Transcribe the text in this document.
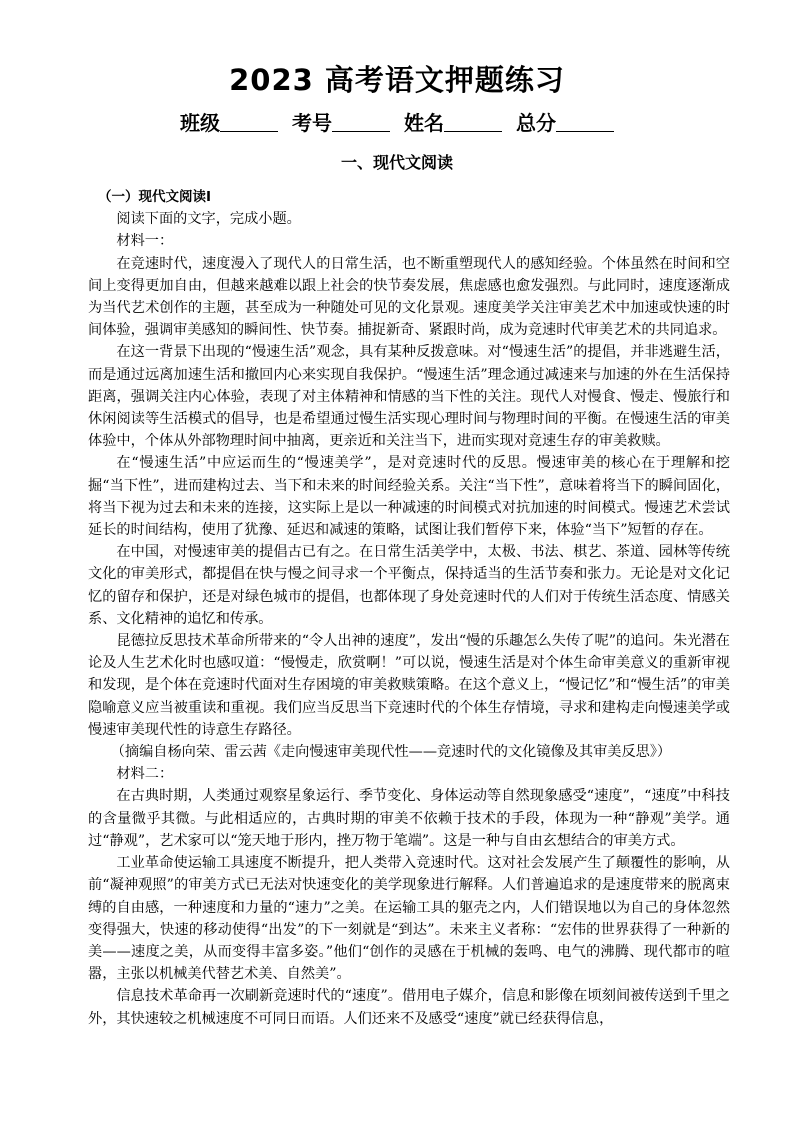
2023 高考语文押题练习
班级	考号	姓名	总分
一、现代文阅读

（一）现代文阅读Ⅰ

阅读下面的文字，完成小题。

材料一：

在竞速时代，速度漫入了现代人的日常生活，也不断重塑现代人的感知经验。个体虽然在时间和空间上变得更加自由，但越来越难以跟上社会的快节奏发展，焦虑感也愈发强烈。与此同时，速度逐渐成为当代艺术创作的主题，甚至成为一种随处可见的文化景观。速度美学关注审美艺术中加速或快速的时间体验，强调审美感知的瞬间性、快节奏。捕捉新奇、紧跟时尚，成为竞速时代审美艺术的共同追求。

在这一背景下出现的“慢速生活”观念，具有某种反拨意味。对“慢速生活”的提倡，并非逃避生活，而是通过远离加速生活和撤回内心来实现自我保护。“慢速生活”理念通过减速来与加速的外在生活保持距离，强调关注内心体验，表现了对主体精神和情感的当下性的关注。现代人对慢食、慢走、慢旅行和休闲阅读等生活模式的倡导，也是希望通过慢生活实现心理时间与物理时间的平衡。在慢速生活的审美体验中，个体从外部物理时间中抽离，更亲近和关注当下，进而实现对竞速生存的审美救赎。

在“慢速生活”中应运而生的“慢速美学”，是对竞速时代的反思。慢速审美的核心在于理解和挖掘“当下性”，进而建构过去、当下和未来的时间经验关系。关注“当下性”，意味着将当下的瞬间固化，将当下视为过去和未来的连接，这实际上是以一种减速的时间模式对抗加速的时间模式。慢速艺术尝试延长的时间结构，使用了犹豫、延迟和减速的策略，试图让我们暂停下来，体验“当下”短暂的存在。

在中国，对慢速审美的提倡古已有之。在日常生活美学中，太极、书法、棋艺、茶道、园林等传统文化的审美形式，都提倡在快与慢之间寻求一个平衡点，保持适当的生活节奏和张力。无论是对文化记忆的留存和保护，还是对绿色城市的提倡，也都体现了身处竞速时代的人们对于传统生活态度、情感关系、文化精神的追忆和传承。

昆德拉反思技术革命所带来的“令人出神的速度”，发出“慢的乐趣怎么失传了呢”的追问。朱光潜在论及人生艺术化时也感叹道：“慢慢走，欣赏啊！”可以说，慢速生活是对个体生命审美意义的重新审视和发现，是个体在竞速时代面对生存困境的审美救赎策略。在这个意义上，“慢记忆”和“慢生活”的审美隐喻意义应当被重读和重视。我们应当反思当下竞速时代的个体生存情境，寻求和建构走向慢速美学或慢速审美现代性的诗意生存路径。

（摘编自杨向荣、雷云茜《走向慢速审美现代性——竞速时代的文化镜像及其审美反思》）

材料二：

在古典时期，人类通过观察星象运行、季节变化、身体运动等自然现象感受“速度”，“速度”中科技的含量微乎其微。与此相适应的，古典时期的审美不依赖于技术的手段，体现为一种“静观”美学。通过“静观”，艺术家可以“笼天地于形内，挫万物于笔端”。这是一种与自由玄想结合的审美方式。

工业革命使运输工具速度不断提升，把人类带入竞速时代。这对社会发展产生了颠覆性的影响，从前“凝神观照”的审美方式已无法对快速变化的美学现象进行解释。人们普遍追求的是速度带来的脱离束缚的自由感，一种速度和力量的“速力”之美。在运输工具的躯壳之内，人们错误地以为自己的身体忽然变得强大，快速的移动使得“出发”的下一刻就是“到达”。未来主义者称：“宏伟的世界获得了一种新的美——速度之美，从而变得丰富多姿。”他们“创作的灵感在于机械的轰鸣、电气的沸腾、现代都市的喧嚣，主张以机械美代替艺术美、自然美”。

信息技术革命再一次刷新竞速时代的“速度”。借用电子媒介，信息和影像在顷刻间被传送到千里之外，其快速较之机械速度不可同日而语。人们还来不及感受“速度”就已经获得信息，
